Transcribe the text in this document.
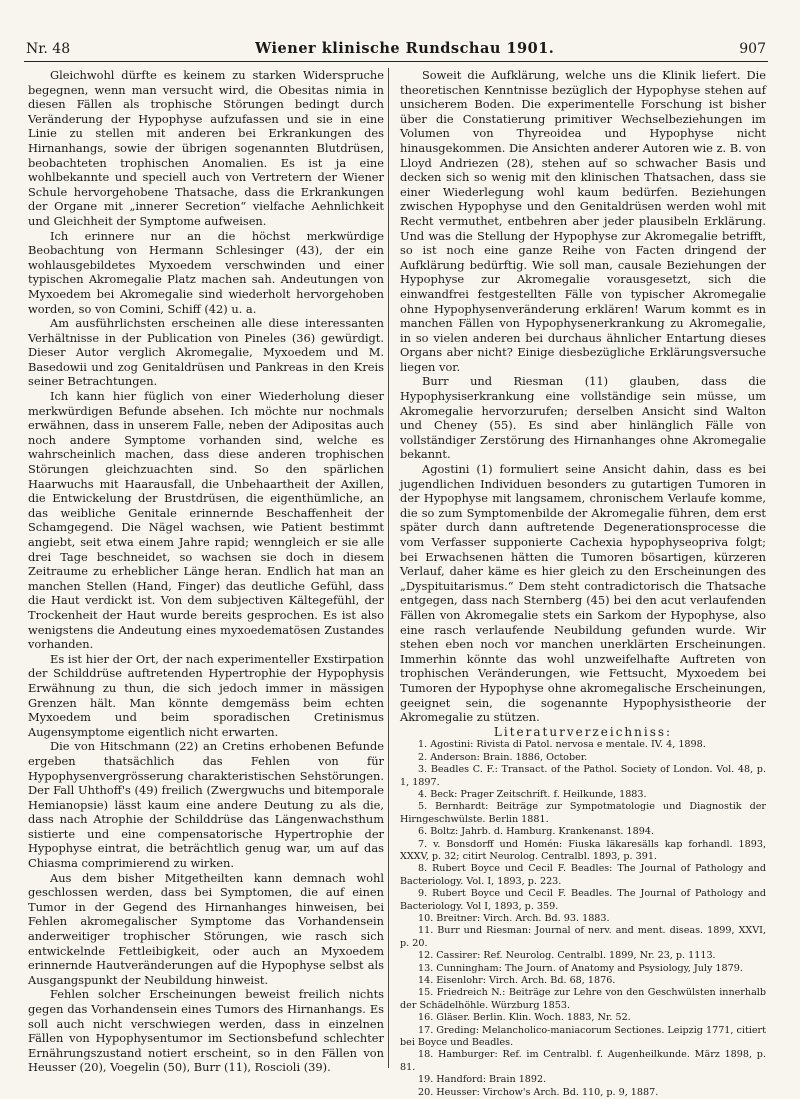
Nr. 48	Wiener klinische Rundschau 1901.	907

Gleichwohl dürfte es keinem zu starken Widerspruche begegnen, wenn man versucht wird, die Obesitas nimia in diesen Fällen als trophische Störungen bedingt durch Veränderung der Hypophyse aufzufassen und sie in eine Linie zu stellen mit anderen bei Erkrankungen des Hirnanhangs, sowie der übrigen sogenannten Blutdrüsen, beobachteten trophischen Anomalien. Es ist ja eine wohlbekannte und speciell auch von Vertretern der Wiener Schule hervorgehobene Thatsache, dass die Erkrankungen der Organe mit „innerer Secretion“ vielfache Aehnlichkeit und Gleichheit der Symptome aufweisen.

Ich erinnere nur an die höchst merkwürdige Beobachtung von Hermann Schlesinger (43), der ein wohlausgebildetes Myxoedem verschwinden und einer typischen Akromegalie Platz machen sah. Andeutungen von Myxoedem bei Akromegalie sind wiederholt hervorgehoben worden, so von Comini, Schiff (42) u. a.

Am ausführlichsten erscheinen alle diese interessanten Verhältnisse in der Publication von Pineles (36) gewürdigt. Dieser Autor verglich Akromegalie, Myxoedem und M. Basedowii und zog Genitaldrüsen und Pankreas in den Kreis seiner Betrachtungen.

Ich kann hier füglich von einer Wiederholung dieser merkwürdigen Befunde absehen. Ich möchte nur nochmals erwähnen, dass in unserem Falle, neben der Adipositas auch noch andere Symptome vorhanden sind, welche es wahrscheinlich machen, dass diese anderen trophischen Störungen gleichzuachten sind. So den spärlichen Haarwuchs mit Haarausfall, die Unbehaartheit der Axillen, die Entwickelung der Brustdrüsen, die eigenthümliche, an das weibliche Genitale erinnernde Beschaffenheit der Schamgegend. Die Nägel wachsen, wie Patient bestimmt angiebt, seit etwa einem Jahre rapid; wenngleich er sie alle drei Tage beschneidet, so wachsen sie doch in diesem Zeitraume zu erheblicher Länge heran. Endlich hat man an manchen Stellen (Hand, Finger) das deutliche Gefühl, dass die Haut verdickt ist. Von dem subjectiven Kältegefühl, der Trockenheit der Haut wurde bereits gesprochen. Es ist also wenigstens die Andeutung eines myxoedematösen Zustandes vorhanden.

Es ist hier der Ort, der nach experimenteller Exstirpation der Schilddrüse auftretenden Hypertrophie der Hypophysis Erwähnung zu thun, die sich jedoch immer in mässigen Grenzen hält. Man könnte demgemäss beim echten Myxoedem und beim sporadischen Cretinismus Augensymptome eigentlich nicht erwarten.

Die von Hitschmann (22) an Cretins erhobenen Befunde ergeben thatsächlich das Fehlen von für Hypophysenvergrösserung charakteristischen Sehstörungen. Der Fall Uhthoff's (49) freilich (Zwergwuchs und bitemporale Hemianopsie) lässt kaum eine andere Deutung zu als die, dass nach Atrophie der Schilddrüse das Längenwachsthum sistierte und eine compensatorische Hypertrophie der Hypophyse eintrat, die beträchtlich genug war, um auf das Chiasma comprimierend zu wirken.

Aus dem bisher Mitgetheilten kann demnach wohl geschlossen werden, dass bei Symptomen, die auf einen Tumor in der Gegend des Hirnanhanges hinweisen, bei Fehlen akromegalischer Symptome das Vorhandensein anderweitiger trophischer Störungen, wie rasch sich entwickelnde Fettleibigkeit, oder auch an Myxoedem erinnernde Hautveränderungen auf die Hypophyse selbst als Ausgangspunkt der Neubildung hinweist.

Fehlen solcher Erscheinungen beweist freilich nichts gegen das Vorhandensein eines Tumors des Hirnanhangs. Es soll auch nicht verschwiegen werden, dass in einzelnen Fällen von Hypophysentumor im Sectionsbefund schlechter Ernährungszustand notiert erscheint, so in den Fällen von Heusser (20), Voegelin (50), Burr (11), Roscioli (39).

Soweit die Aufklärung, welche uns die Klinik liefert. Die theoretischen Kenntnisse bezüglich der Hypophyse stehen auf unsicherem Boden. Die experimentelle Forschung ist bisher über die Constatierung primitiver Wechselbeziehungen im Volumen von Thyreoidea und Hypophyse nicht hinausgekommen. Die Ansichten anderer Autoren wie z. B. von Lloyd Andriezen (28), stehen auf so schwacher Basis und decken sich so wenig mit den klinischen Thatsachen, dass sie einer Wiederlegung wohl kaum bedürfen. Beziehungen zwischen Hypophyse und den Genitaldrüsen werden wohl mit Recht vermuthet, entbehren aber jeder plausibeln Erklärung. Und was die Stellung der Hypophyse zur Akromegalie betrifft, so ist noch eine ganze Reihe von Facten dringend der Aufklärung bedürftig. Wie soll man, causale Beziehungen der Hypophyse zur Akromegalie vorausgesetzt, sich die einwandfrei festgestellten Fälle von typischer Akromegalie ohne Hypophysenveränderung erklären! Warum kommt es in manchen Fällen von Hypophysenerkrankung zu Akromegalie, in so vielen anderen bei durchaus ähnlicher Entartung dieses Organs aber nicht? Einige diesbezügliche Erklärungsversuche liegen vor.

Burr und Riesman (11) glauben, dass die Hypophysiserkrankung eine vollständige sein müsse, um Akromegalie hervorzurufen; derselben Ansicht sind Walton und Cheney (55). Es sind aber hinlänglich Fälle von vollständiger Zerstörung des Hirnanhanges ohne Akromegalie bekannt.

Agostini (1) formuliert seine Ansicht dahin, dass es bei jugendlichen Individuen besonders zu gutartigen Tumoren in der Hypophyse mit langsamem, chronischem Verlaufe komme, die so zum Symptomenbilde der Akromegalie führen, dem erst später durch dann auftretende Degenerationsprocesse die vom Verfasser supponierte Cachexia hypophyseopriva folgt; bei Erwachsenen hätten die Tumoren bösartigen, kürzeren Verlauf, daher käme es hier gleich zu den Erscheinungen des „Dyspituitarismus.“ Dem steht contradictorisch die Thatsache entgegen, dass nach Sternberg (45) bei den acut verlaufenden Fällen von Akromegalie stets ein Sarkom der Hypophyse, also eine rasch verlaufende Neubildung gefunden wurde. Wir stehen eben noch vor manchen unerklärten Erscheinungen. Immerhin könnte das wohl unzweifelhafte Auftreten von trophischen Veränderungen, wie Fettsucht, Myxoedem bei Tumoren der Hypophyse ohne akromegalische Erscheinungen, geeignet sein, die sogenannte Hypophysistheorie der Akromegalie zu stützen.

Literaturverzeichniss:

1. Agostini: Rivista di Patol. nervosa e mentale. IV. 4, 1898.

2. Anderson: Brain. 1886, October.

3. Beadles C. F.: Transact. of the Pathol. Society of London. Vol. 48, p. 1, 1897.

4. Beck: Prager Zeitschrift. f. Heilkunde, 1883.

5. Bernhardt: Beiträge zur Sympotmatologie und Diagnostik der Hirngeschwülste. Berlin 1881.

6. Boltz: Jahrb. d. Hamburg. Krankenanst. 1894.

7. v. Bonsdorff und Homén: Fiuska läkaresälls kap forhandl. 1893, XXXV, p. 32; citirt Neurolog. Centralbl. 1893, p. 391.

8. Rubert Boyce und Cecil F. Beadles: The Journal of Pathology and Bacteriology. Vol. I, 1893, p. 223.

9. Rubert Boyce und Cecil F. Beadles. The Journal of Pathology and Bacteriology. Vol I, 1893, p. 359.

10. Breitner: Virch. Arch. Bd. 93. 1883.

11. Burr und Riesman: Journal of nerv. and ment. diseas. 1899, XXVI, p. 20.

12. Cassirer: Ref. Neurolog. Centralbl. 1899, Nr. 23, p. 1113.

13. Cunningham: The Journ. of Anatomy and Psysiology, July 1879.

14. Eisenlohr: Virch. Arch. Bd. 68, 1876.

15. Friedreich N.: Beiträge zur Lehre von den Geschwülsten innerhalb der Schädelhöhle. Würzburg 1853.

16. Gläser. Berlin. Klin. Woch. 1883, Nr. 52.

17. Greding: Melancholico-maniacorum Sectiones. Leipzig 1771, citiert bei Boyce und Beadles.

18. Hamburger: Ref. im Centralbl. f. Augenheilkunde. März 1898, p. 81.

19. Handford: Brain 1892.

20. Heusser: Virchow's Arch. Bd. 110, p. 9, 1887.
